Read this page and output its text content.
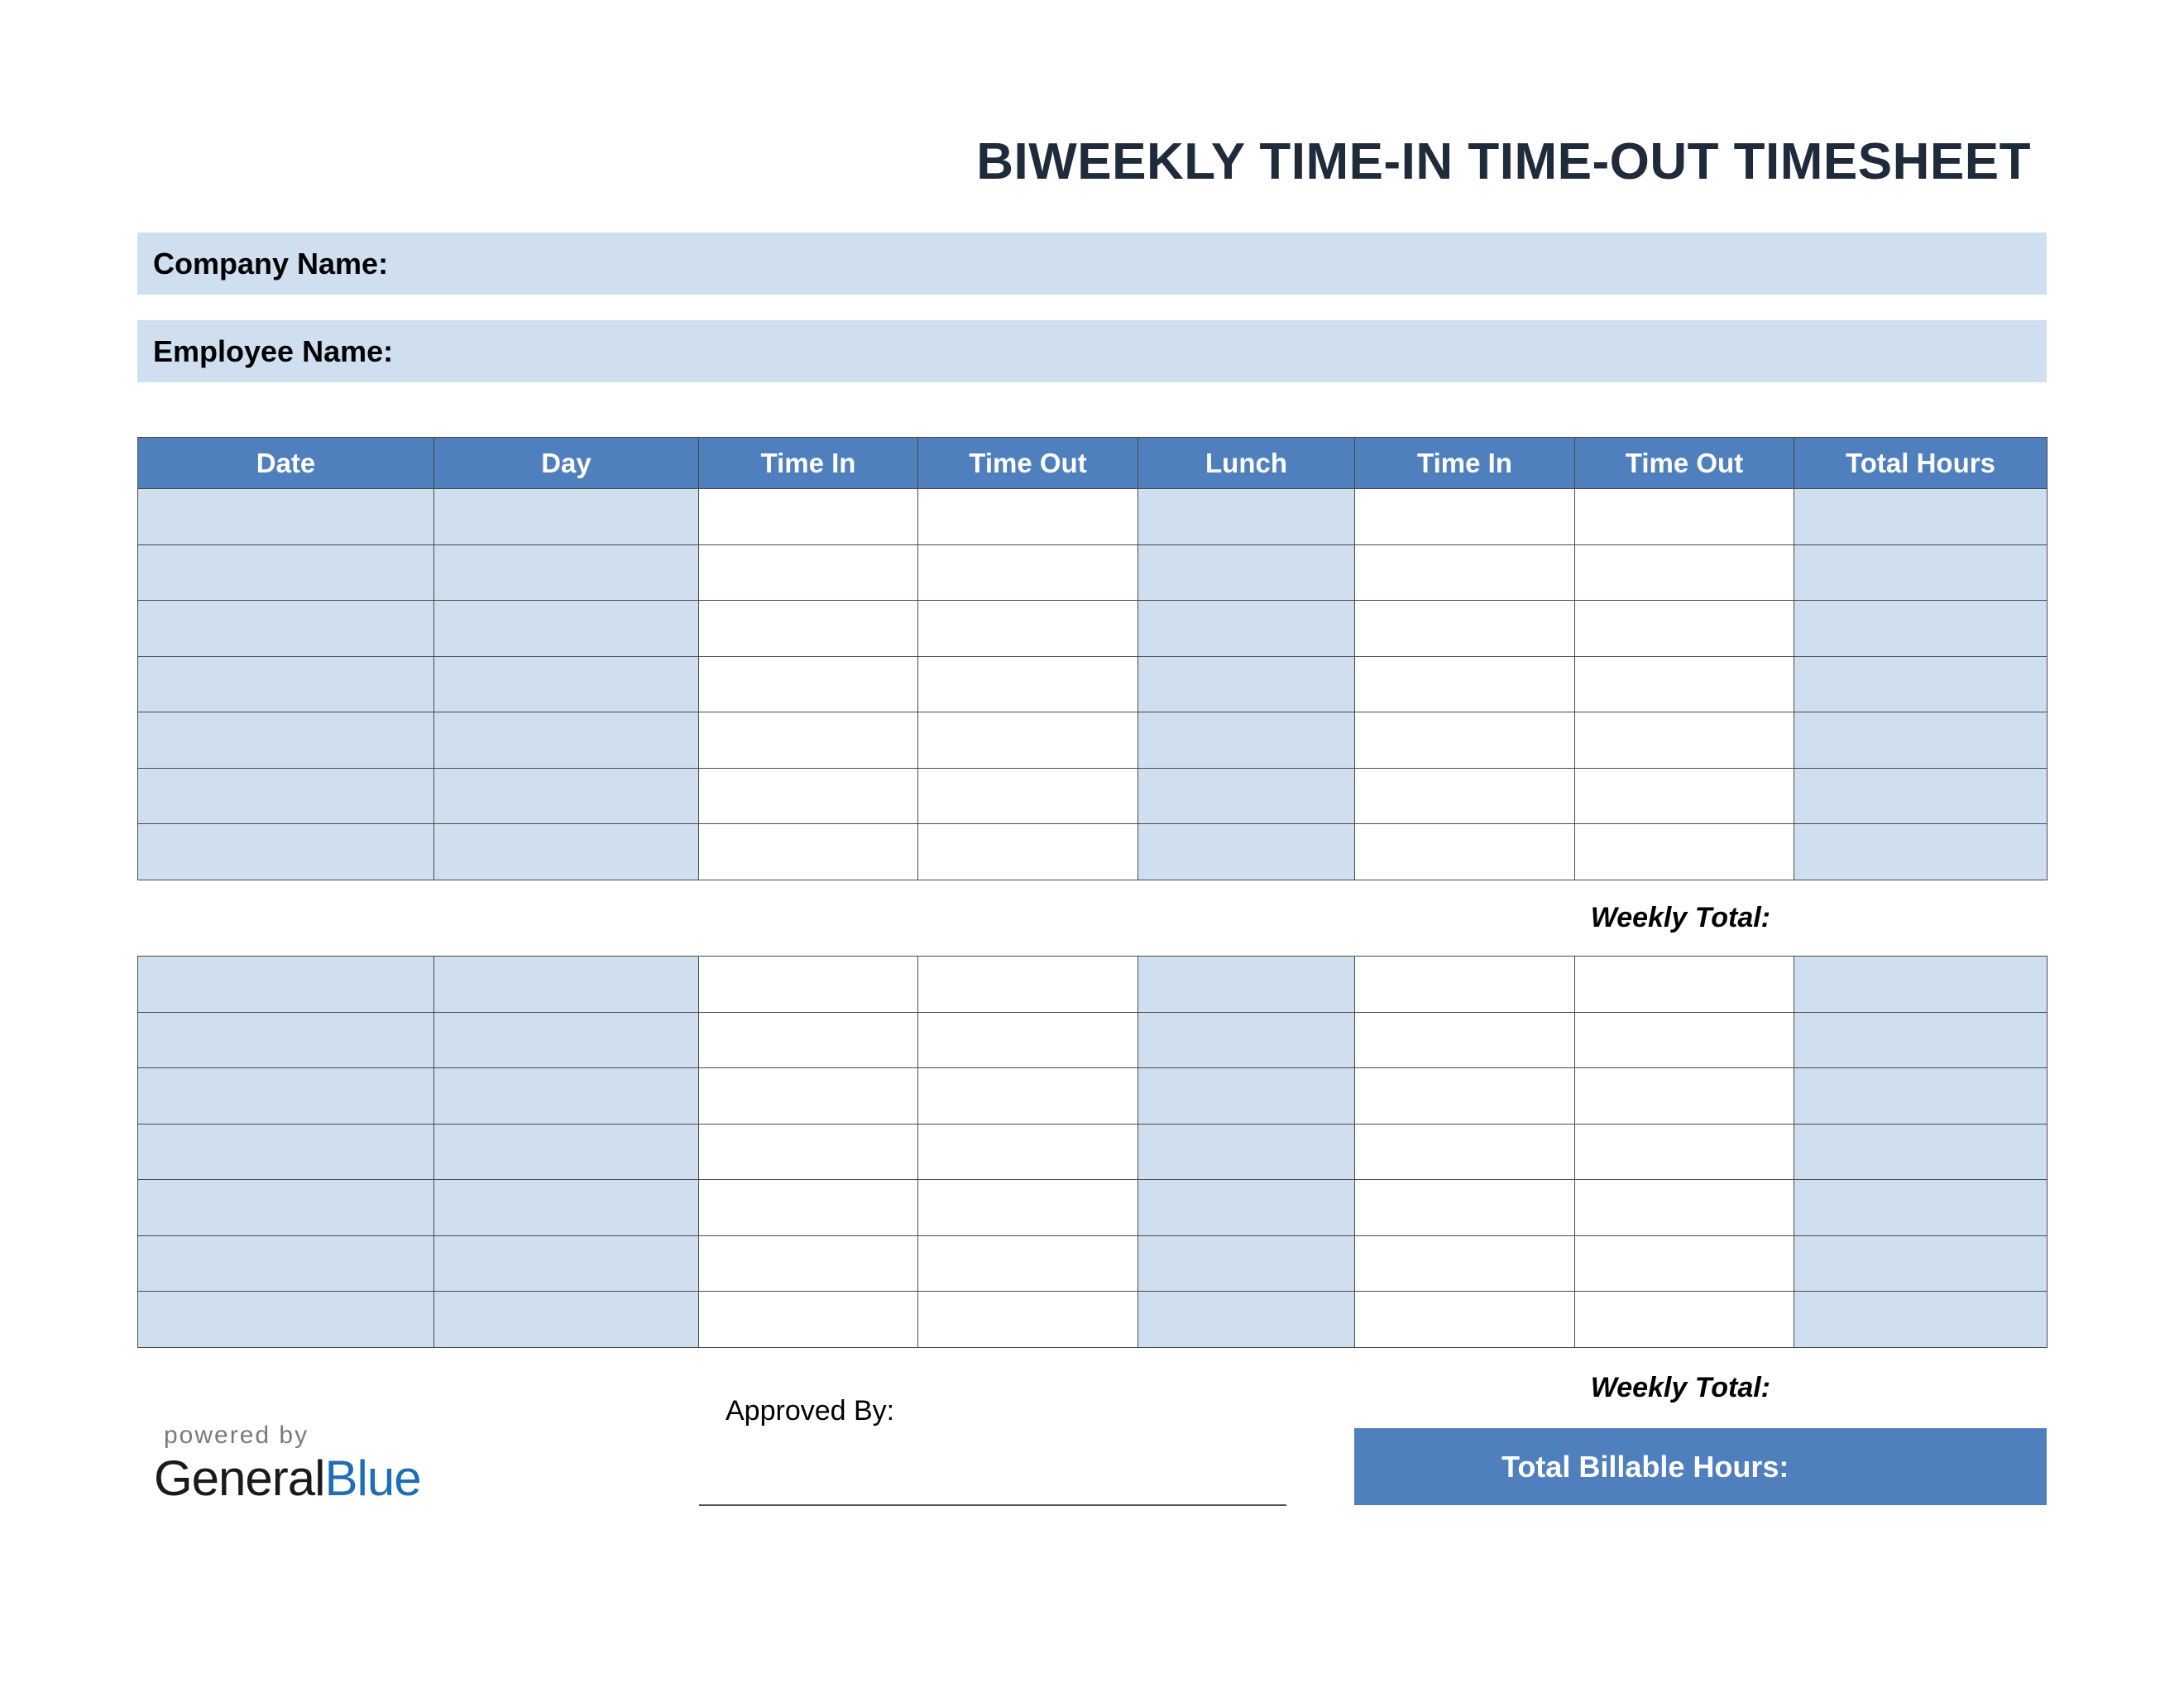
BIWEEKLY TIME-IN TIME-OUT TIMESHEET
Company Name:
Employee Name:
Date	Day	Time In	Time Out	Lunch	Time In	Time Out	Total Hours

Weekly Total:

Weekly Total:
Approved By:
Total Billable Hours:
powered by
GeneralBlue
